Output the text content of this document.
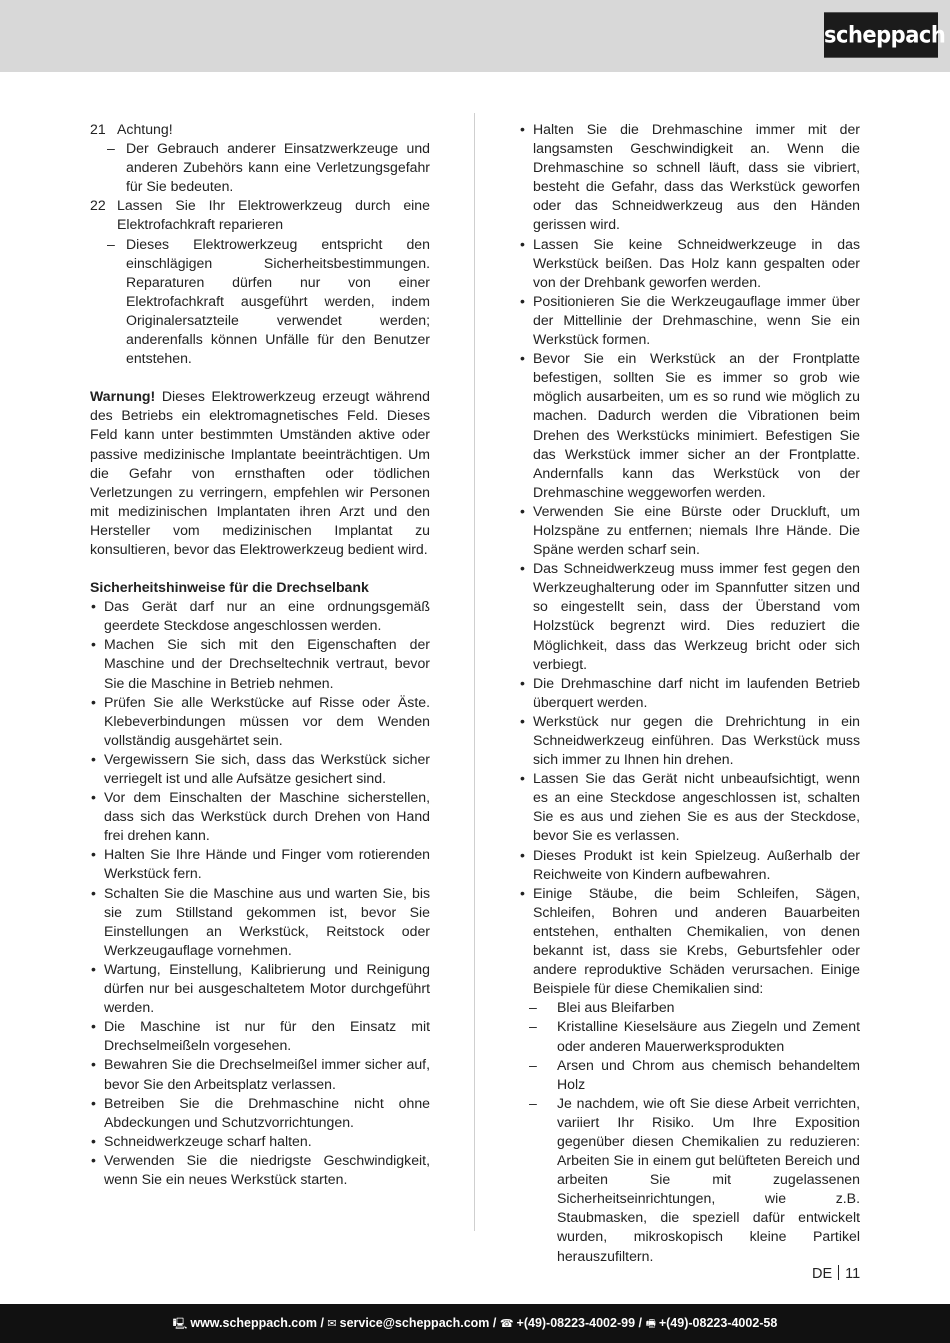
scheppach
21 Achtung!
– Der Gebrauch anderer Einsatzwerkzeuge und anderen Zubehörs kann eine Verletzungsgefahr für Sie bedeuten.
22 Lassen Sie Ihr Elektrowerkzeug durch eine Elektrofachkraft reparieren
– Dieses Elektrowerkzeug entspricht den einschlägigen Sicherheitsbestimmungen. Reparaturen dürfen nur von einer Elektrofachkraft ausgeführt werden, indem Originalersatzteile verwendet werden; anderenfalls können Unfälle für den Benutzer entstehen.

Warnung! Dieses Elektrowerkzeug erzeugt während des Betriebs ein elektromagnetisches Feld. Dieses Feld kann unter bestimmten Umständen aktive oder passive medizinische Implantate beeinträchtigen. Um die Gefahr von ernsthaften oder tödlichen Verletzungen zu verringern, empfehlen wir Personen mit medizinischen Implantaten ihren Arzt und den Hersteller vom medizinischen Implantat zu konsultieren, bevor das Elektrowerkzeug bedient wird.

Sicherheitshinweise für die Drechselbank
• Das Gerät darf nur an eine ordnungsgemäß geerdete Steckdose angeschlossen werden.
• Machen Sie sich mit den Eigenschaften der Maschine und der Drechseltechnik vertraut, bevor Sie die Maschine in Betrieb nehmen.
• Prüfen Sie alle Werkstücke auf Risse oder Äste. Klebeverbindungen müssen vor dem Wenden vollständig ausgehärtet sein.
• Vergewissern Sie sich, dass das Werkstück sicher verriegelt ist und alle Aufsätze gesichert sind.
• Vor dem Einschalten der Maschine sicherstellen, dass sich das Werkstück durch Drehen von Hand frei drehen kann.
• Halten Sie Ihre Hände und Finger vom rotierenden Werkstück fern.
• Schalten Sie die Maschine aus und warten Sie, bis sie zum Stillstand gekommen ist, bevor Sie Einstellungen an Werkstück, Reitstock oder Werkzeugauflage vornehmen.
• Wartung, Einstellung, Kalibrierung und Reinigung dürfen nur bei ausgeschaltetem Motor durchgeführt werden.
• Die Maschine ist nur für den Einsatz mit Drechselmeißeln vorgesehen.
• Bewahren Sie die Drechselmeißel immer sicher auf, bevor Sie den Arbeitsplatz verlassen.
• Betreiben Sie die Drehmaschine nicht ohne Abdeckungen und Schutzvorrichtungen.
• Schneidwerkzeuge scharf halten.
• Verwenden Sie die niedrigste Geschwindigkeit, wenn Sie ein neues Werkstück starten.
• Halten Sie die Drehmaschine immer mit der langsamsten Geschwindigkeit an. Wenn die Drehmaschine so schnell läuft, dass sie vibriert, besteht die Gefahr, dass das Werkstück geworfen oder das Schneidwerkzeug aus den Händen gerissen wird.
• Lassen Sie keine Schneidwerkzeuge in das Werkstück beißen. Das Holz kann gespalten oder von der Drehbank geworfen werden.
• Positionieren Sie die Werkzeugauflage immer über der Mittellinie der Drehmaschine, wenn Sie ein Werkstück formen.
• Bevor Sie ein Werkstück an der Frontplatte befestigen, sollten Sie es immer so grob wie möglich ausarbeiten, um es so rund wie möglich zu machen. Dadurch werden die Vibrationen beim Drehen des Werkstücks minimiert. Befestigen Sie das Werkstück immer sicher an der Frontplatte. Andernfalls kann das Werkstück von der Drehmaschine weggeworfen werden.
• Verwenden Sie eine Bürste oder Druckluft, um Holzspäne zu entfernen; niemals Ihre Hände. Die Späne werden scharf sein.
• Das Schneidwerkzeug muss immer fest gegen den Werkzeughalterung oder im Spannfutter sitzen und so eingestellt sein, dass der Überstand vom Holzstück begrenzt wird. Dies reduziert die Möglichkeit, dass das Werkzeug bricht oder sich verbiegt.
• Die Drehmaschine darf nicht im laufenden Betrieb überquert werden.
• Werkstück nur gegen die Drehrichtung in ein Schneidwerkzeug einführen. Das Werkstück muss sich immer zu Ihnen hin drehen.
• Lassen Sie das Gerät nicht unbeaufsichtigt, wenn es an eine Steckdose angeschlossen ist, schalten Sie es aus und ziehen Sie es aus der Steckdose, bevor Sie es verlassen.
• Dieses Produkt ist kein Spielzeug. Außerhalb der Reichweite von Kindern aufbewahren.
• Einige Stäube, die beim Schleifen, Sägen, Schleifen, Bohren und anderen Bauarbeiten entstehen, enthalten Chemikalien, von denen bekannt ist, dass sie Krebs, Geburtsfehler oder andere reproduktive Schäden verursachen. Einige Beispiele für diese Chemikalien sind:
–	Blei aus Bleifarben
–	Kristalline Kieselsäure aus Ziegeln und Zement oder anderen Mauerwerksprodukten
–	Arsen und Chrom aus chemisch behandeltem Holz
–	Je nachdem, wie oft Sie diese Arbeit verrichten, variiert Ihr Risiko. Um Ihre Exposition gegenüber diesen Chemikalien zu reduzieren: Arbeiten Sie in einem gut belüfteten Bereich und arbeiten Sie mit zugelassenen Sicherheitseinrichtungen, wie z.B. Staubmasken, die speziell dafür entwickelt wurden, mikroskopisch kleine Partikel herauszufiltern.
DE 11
🖳 www.scheppach.com / ✉ service@scheppach.com / ☎ +(49)-08223-4002-99 / 🖷 +(49)-08223-4002-58
